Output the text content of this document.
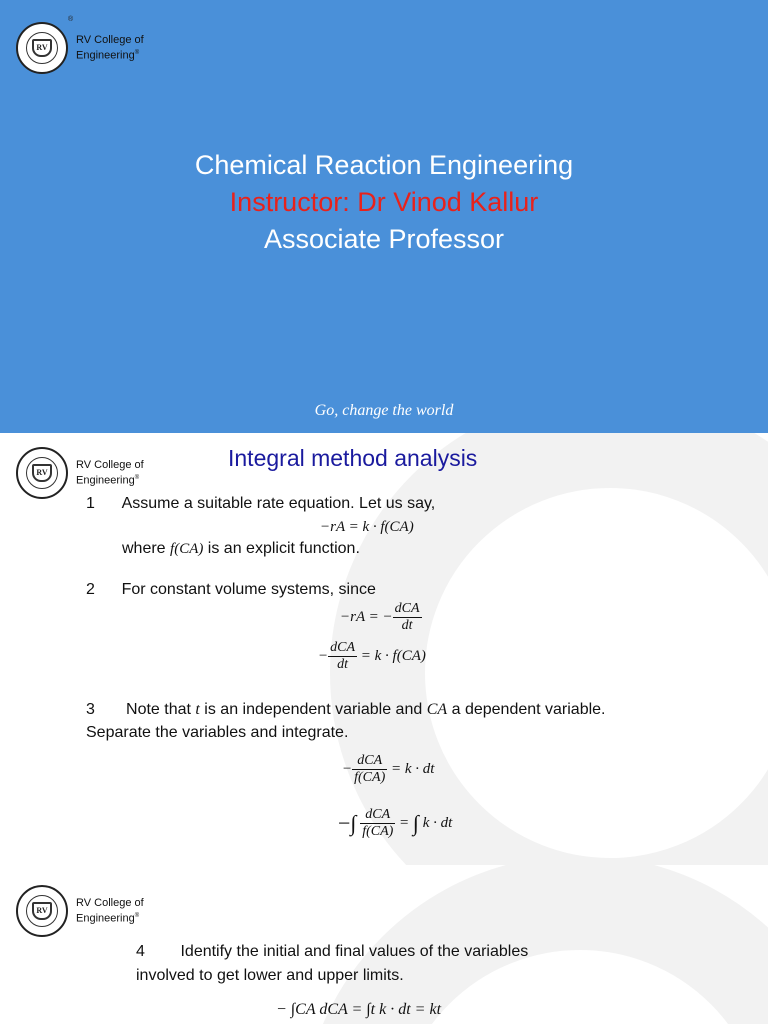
RV
RV College of
Engineering®
®
Chemical Reaction Engineering
Instructor: Dr Vinod Kallur
Associate Professor
Go, change the world
RV
RV College of
Engineering®
Integral method analysis
1 Assume a suitable rate equation. Let us say,
−rA = k · f(CA)
where f(CA) is an explicit function.
2 For constant volume systems, since
−rA = − $\frac{\text{dCA}}{dt}$
− $\frac{\text{dCA}}{dt} = k \cdot f(CA)$
3 Note that t is an independent variable and CA a dependent variable.
Separate the variables and integrate.
− $\frac{\text{dCA}}{f(CA)} = k$ · dt
−∫ $\frac{\text{dCA}}{f(CA)}$ = ∫ k · dt
RV
RV College of
Engineering®
4 Identify the initial and final values of the variables
involved to get lower and upper limits.
− ∫CA dCA = ∫t k · dt = kt
